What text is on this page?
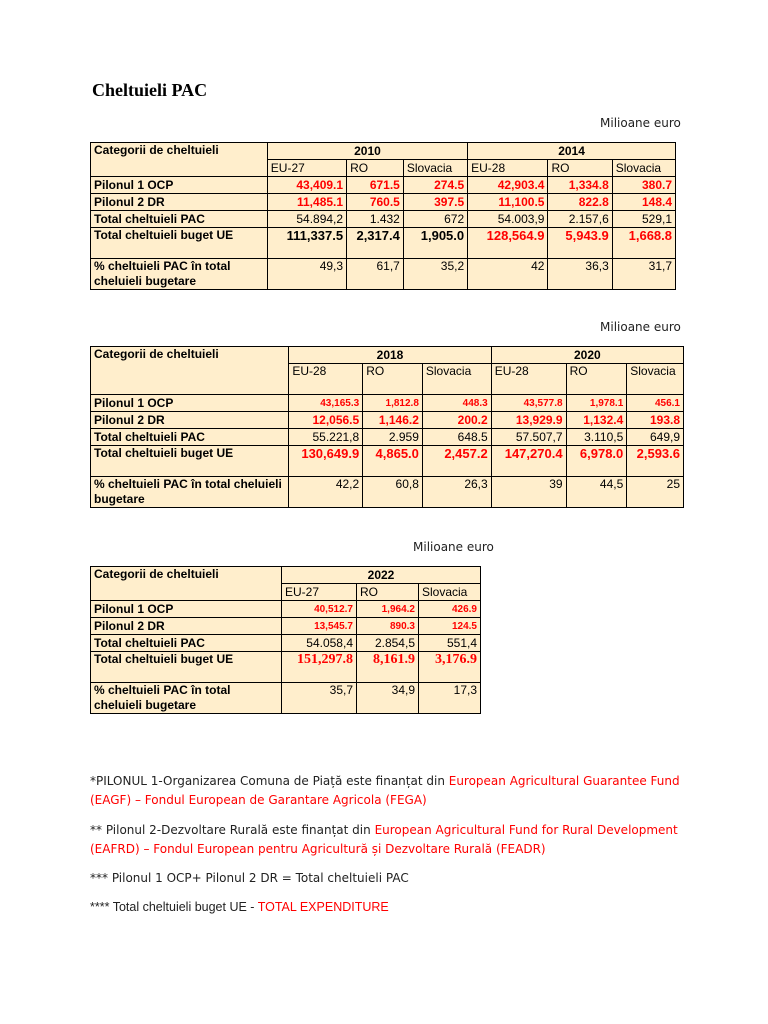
Cheltuieli PAC
Milioane euro
Categorii de cheltuieli	2010			2014		
	EU-27	RO	Slovacia	EU-28	RO	Slovacia
Pilonul 1 OCP	43,409.1	671.5	274.5	42,903.4	1,334.8	380.7
Pilonul 2 DR	11,485.1	760.5	397.5	11,100.5	822.8	148.4
Total cheltuieli PAC	54.894,2	1.432	672	54.003,9	2.157,6	529,1
Total cheltuieli buget UE	111,337.5	2,317.4	1,905.0	128,564.9	5,943.9	1,668.8
% cheltuieli PAC în total cheluieli bugetare	49,3	61,7	35,2	42	36,3	31,7
Milioane euro
Categorii de cheltuieli	2018			2020		
	EU-28	RO	Slovacia	EU-28	RO	Slovacia
Pilonul 1 OCP	43,165.3	1,812.8	448.3	43,577.8	1,978.1	456.1
Pilonul 2 DR	12,056.5	1,146.2	200.2	13,929.9	1,132.4	193.8
Total cheltuieli PAC	55.221,8	2.959	648.5	57.507,7	3.110,5	649,9
Total cheltuieli buget UE	130,649.9	4,865.0	2,457.2	147,270.4	6,978.0	2,593.6
% cheltuieli PAC în total cheluieli bugetare	42,2	60,8	26,3	39	44,5	25
Milioane euro
Categorii de cheltuieli	2022		
	EU-27	RO	Slovacia
Pilonul 1 OCP	40,512.7	1,964.2	426.9
Pilonul 2 DR	13,545.7	890.3	124.5
Total cheltuieli PAC	54.058,4	2.854,5	551,4
Total cheltuieli buget UE	151,297.8	8,161.9	3,176.9
% cheltuieli PAC în total cheluieli bugetare	35,7	34,9	17,3
*PILONUL 1-Organizarea Comuna de Piață este finanțat din European Agricultural Guarantee Fund (EAGF) – Fondul European de Garantare Agricola (FEGA)
** Pilonul 2-Dezvoltare Rurală este finanțat din European Agricultural Fund for Rural Development (EAFRD) – Fondul European pentru Agricultură și Dezvoltare Rurală (FEADR)
*** Pilonul 1 OCP+ Pilonul 2 DR = Total cheltuieli PAC
**** Total cheltuieli buget UE - TOTAL EXPENDITURE
